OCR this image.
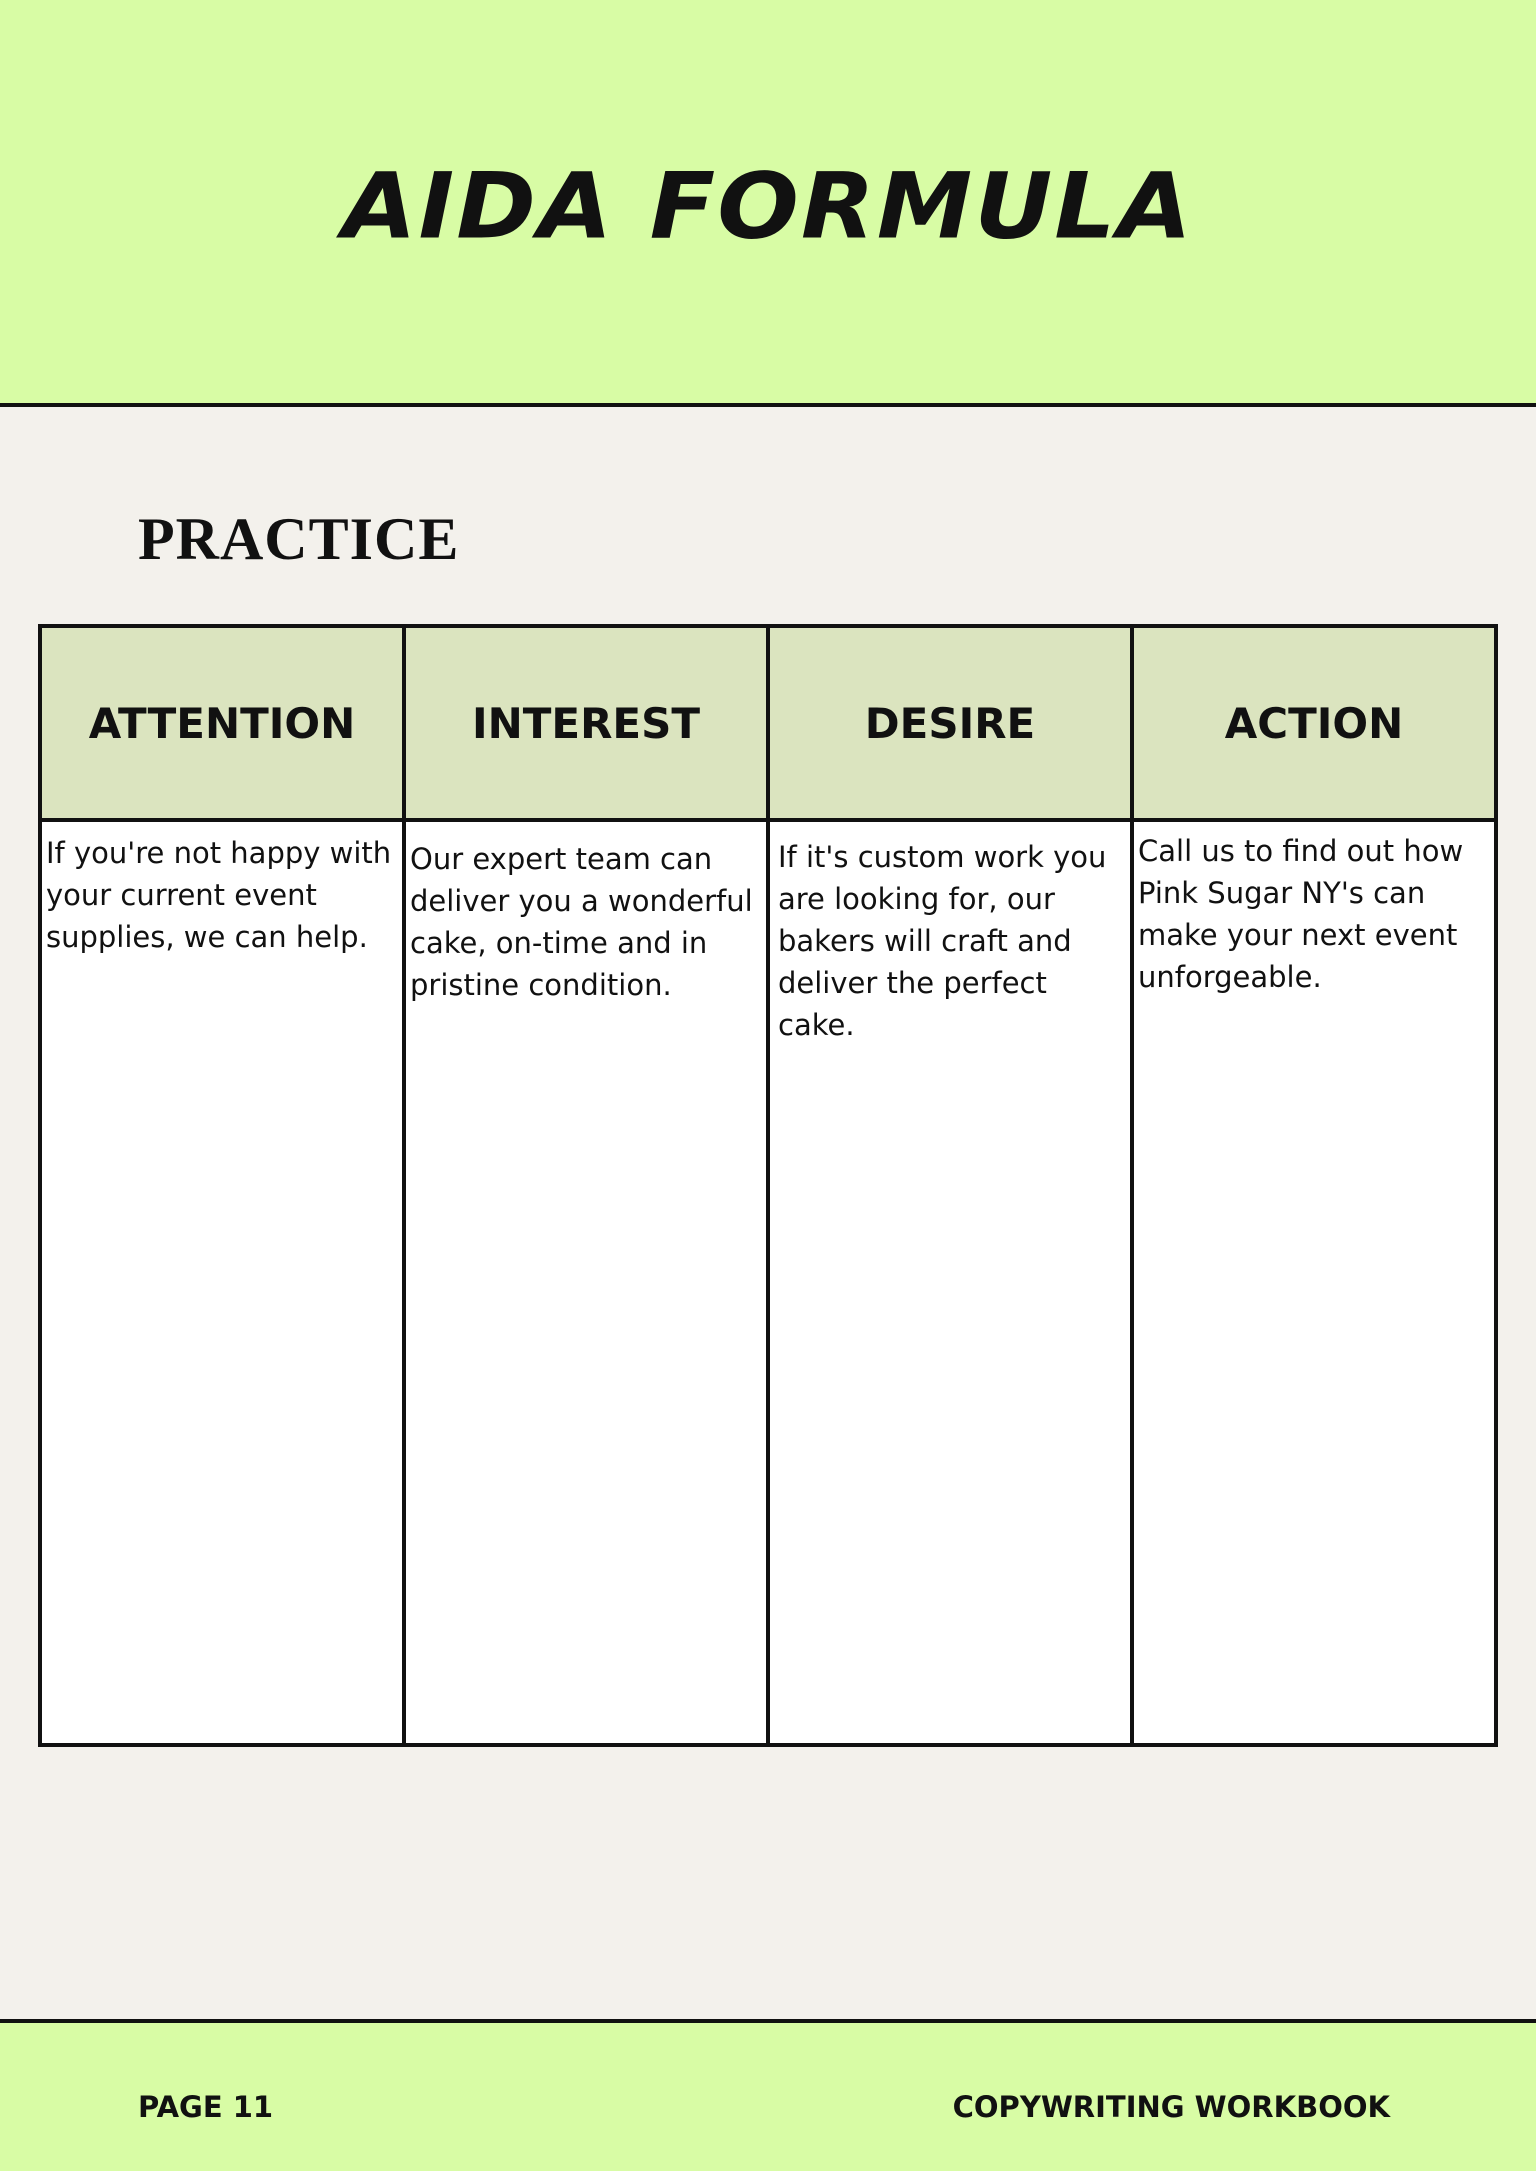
AIDA FORMULA
PRACTICE
ATTENTION
If you're not happy with your current event supplies, we can help.
INTEREST
Our expert team can deliver you a wonderful cake, on-time and in pristine condition.
DESIRE
If it's custom work you are looking for, our bakers will craft and deliver the perfect cake.
ACTION
Call us to find out how Pink Sugar NY's can make your next event unforgeable.
PAGE 11	COPYWRITING WORKBOOK
